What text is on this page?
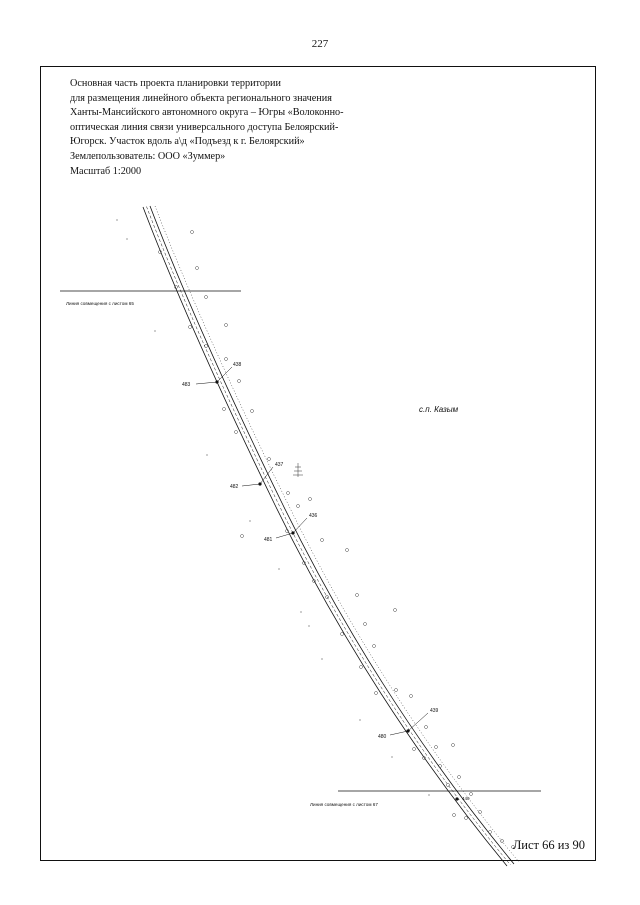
227
Основная часть проекта планировки территории
для размещения линейного объекта регионального значения
Ханты-Мансийского автономного округа – Югры «Волоконно-
оптическая линия связи универсального доступа Белоярский-
Югорск. Участок вдоль а\д «Подъезд к г. Белоярский»
Землепользователь: ООО «Зуммер»
Масштаб 1:2000
Линия совмещения с листом 65
Линия совмещения с листом 67
с.п. Казым
438
483
437
482
436
481
439
480
440
Лист 66 из 90
